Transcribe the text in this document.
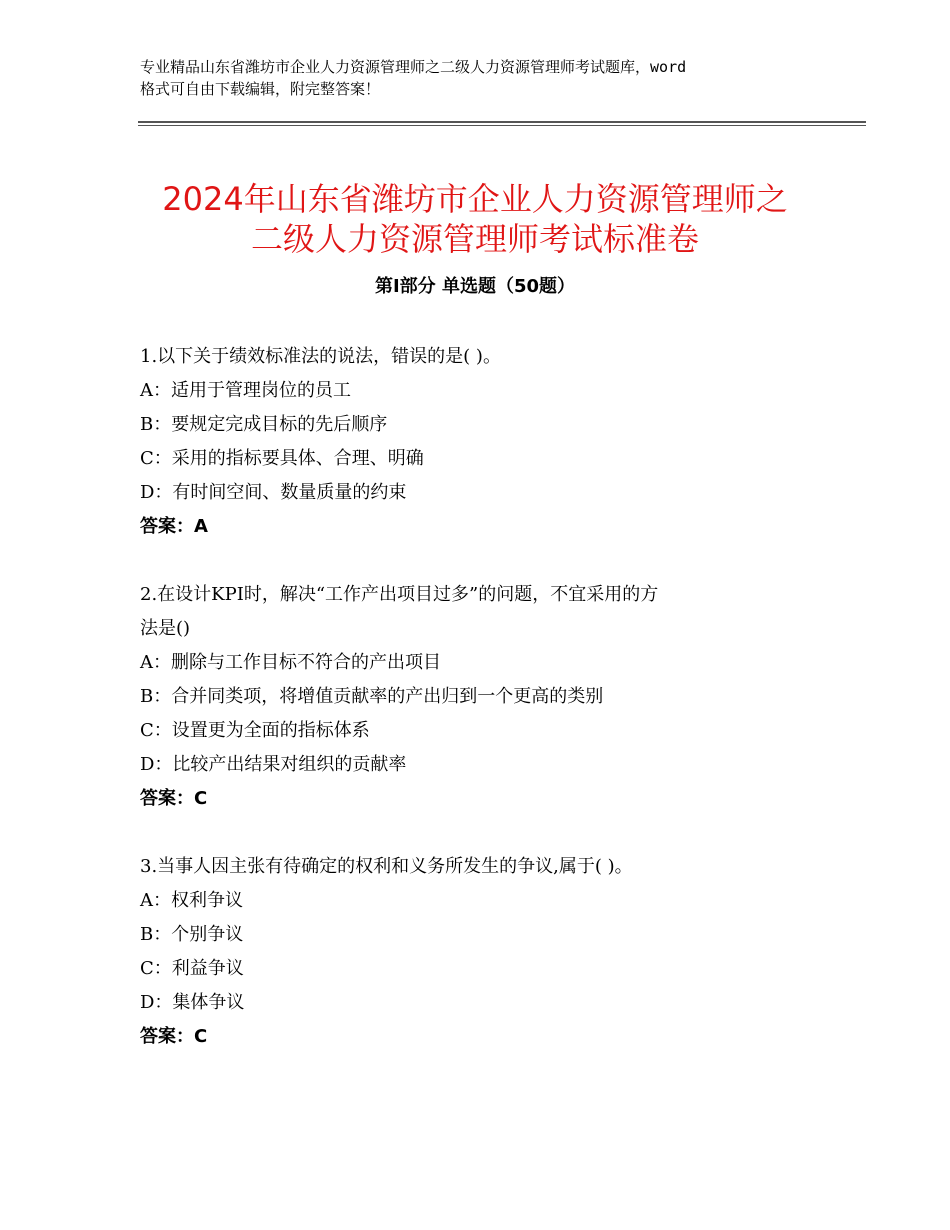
专业精品山东省潍坊市企业人力资源管理师之二级人力资源管理师考试题库，word
格式可自由下载编辑，附完整答案！
2024年山东省潍坊市企业人力资源管理师之
二级人力资源管理师考试标准卷
第Ⅰ部分 单选题（50题）
1.以下关于绩效标准法的说法，错误的是( )。
A：适用于管理岗位的员工
B：要规定完成目标的先后顺序
C：采用的指标要具体、合理、明确
D：有时间空间、数量质量的约束
答案：A
2.在设计KPI时，解决“工作产出项目过多”的问题，不宜采用的方
法是()
A：删除与工作目标不符合的产出项目
B：合并同类项，将增值贡献率的产出归到一个更高的类别
C：设置更为全面的指标体系
D：比较产出结果对组织的贡献率
答案：C
3.当事人因主张有待确定的权利和义务所发生的争议,属于( )。
A：权利争议
B：个别争议
C：利益争议
D：集体争议
答案：C
